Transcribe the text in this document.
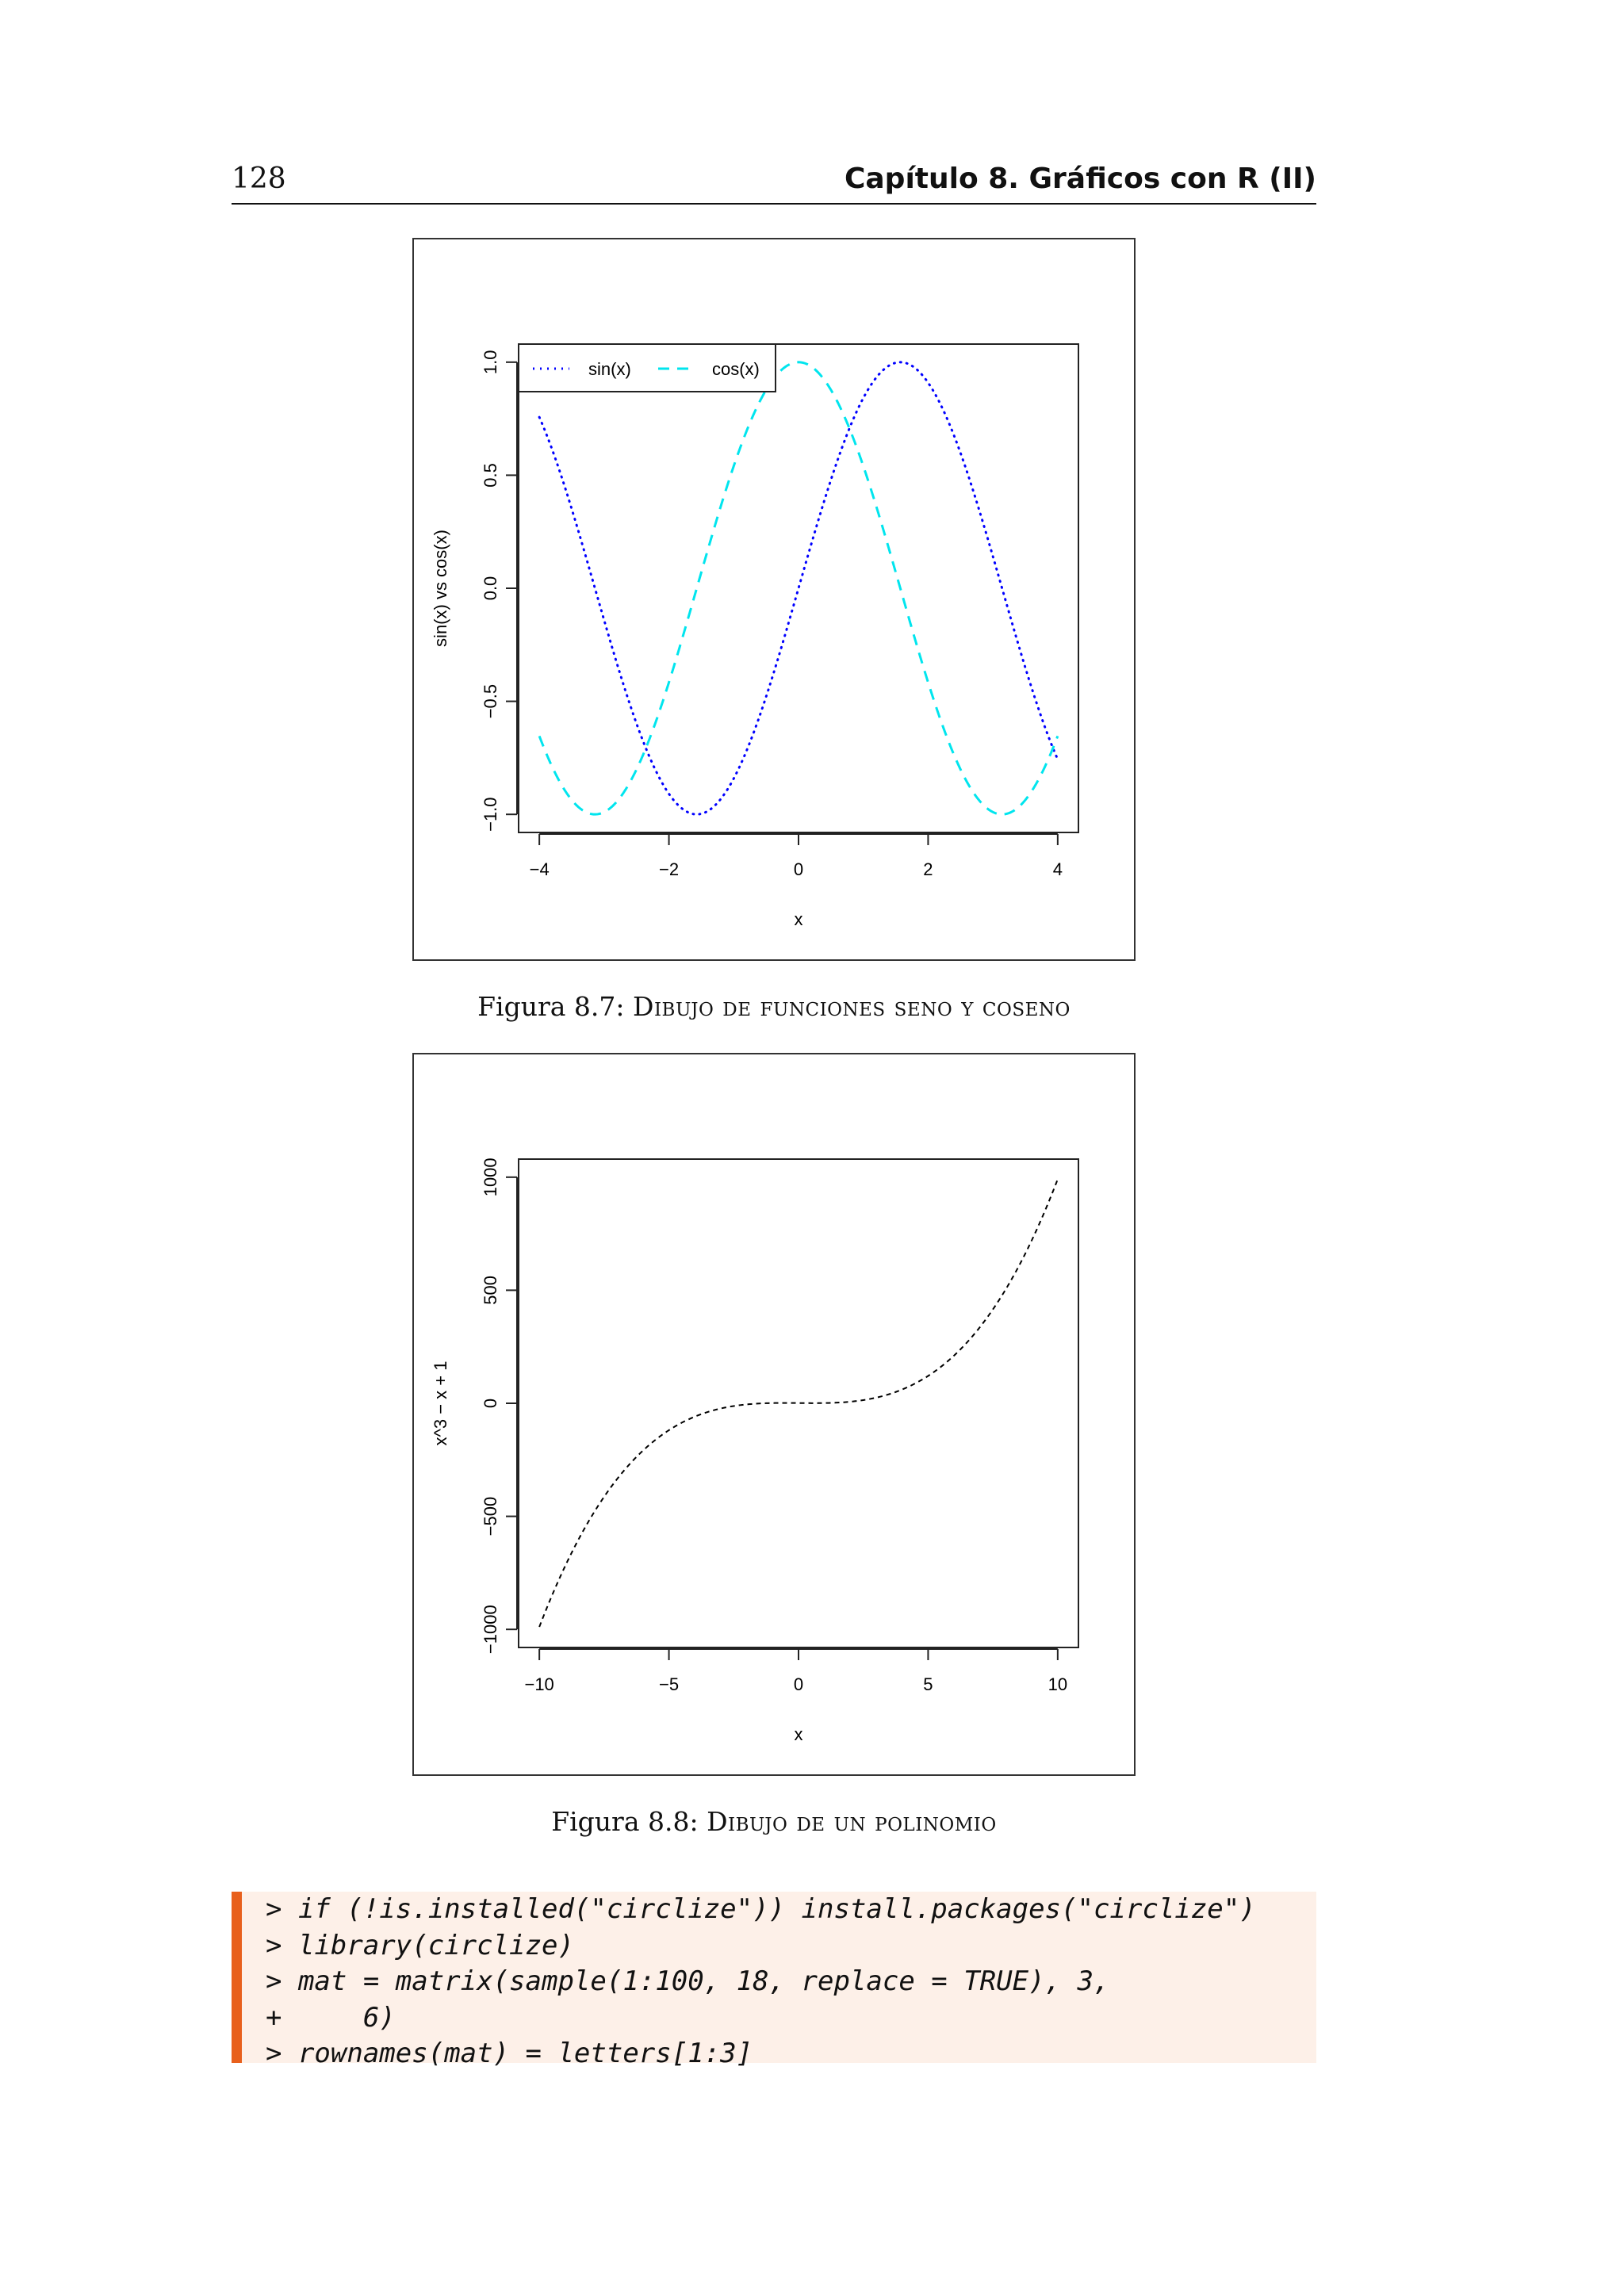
128	Capítulo 8. Gráficos con R (II)
−1.0
−0.5
0.0
0.5
1.0
−4	−2	0	2	4
x
sin(x) vs cos(x)
sin(x)	cos(x)
Figura 8.7: Dibujo de funciones seno y coseno
−1000
−500
0
500
1000
−10	−5	0	5	10
x
x^3 − x + 1
Figura 8.8: Dibujo de un polinomio
> if (!is.installed("circlize")) install.packages("circlize")
> library(circlize)
> mat = matrix(sample(1:100, 18, replace = TRUE), 3,
+     6)
> rownames(mat) = letters[1:3]
